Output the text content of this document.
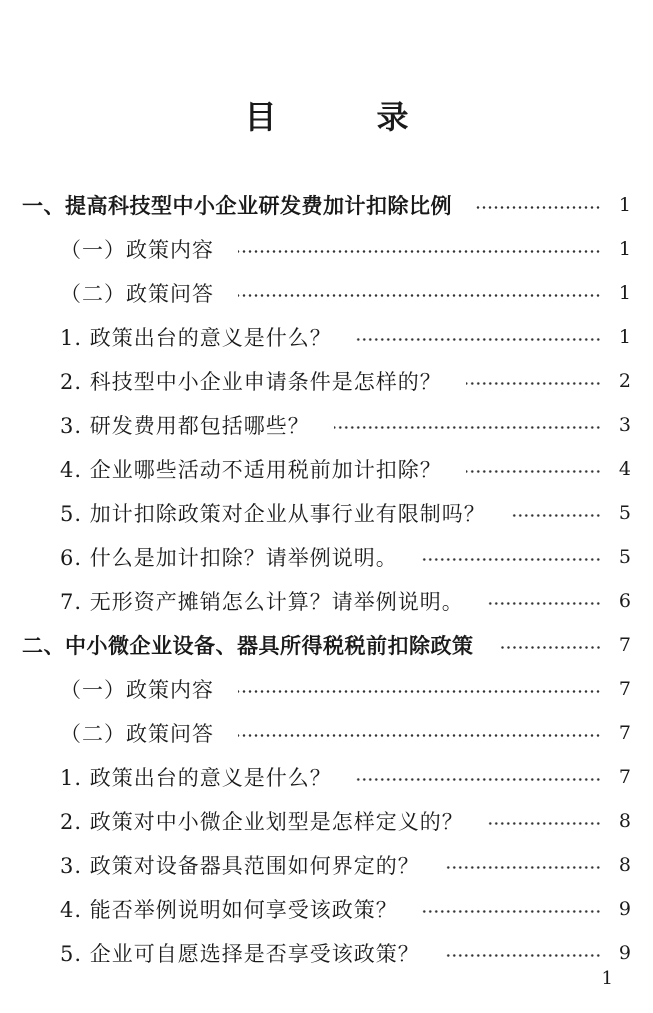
目　录
一、提高科技型中小企业研发费加计扣除比例	1
（一）政策内容	1
（二）政策问答	1
1. 政策出台的意义是什么？	1
2. 科技型中小企业申请条件是怎样的？	2
3. 研发费用都包括哪些？	3
4. 企业哪些活动不适用税前加计扣除？	4
5. 加计扣除政策对企业从事行业有限制吗？	5
6. 什么是加计扣除？请举例说明。	5
7. 无形资产摊销怎么计算？请举例说明。	6
二、中小微企业设备、器具所得税税前扣除政策	7
（一）政策内容	7
（二）政策问答	7
1. 政策出台的意义是什么？	7
2. 政策对中小微企业划型是怎样定义的？	8
3. 政策对设备器具范围如何界定的？	8
4. 能否举例说明如何享受该政策？	9
5. 企业可自愿选择是否享受该政策？	9
1
